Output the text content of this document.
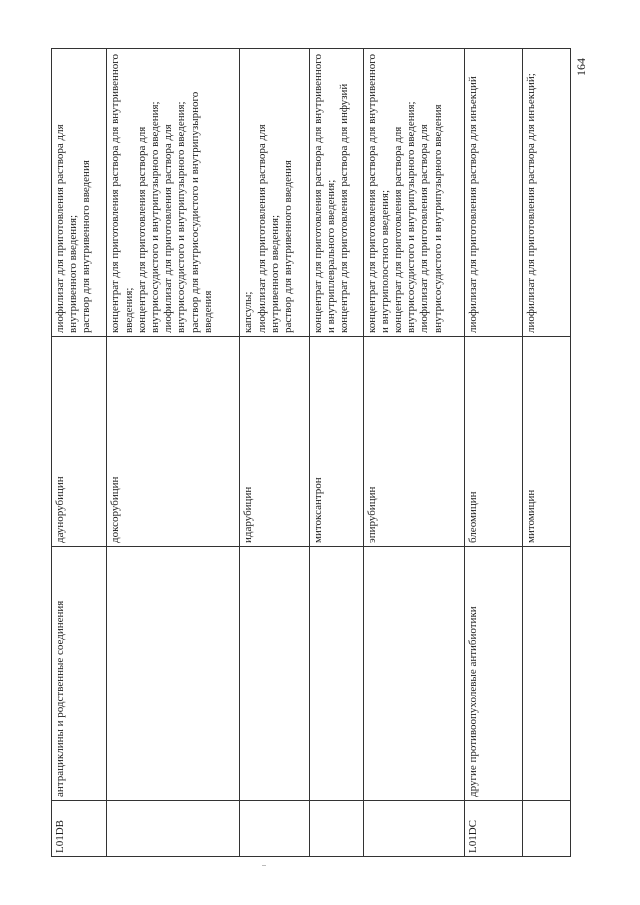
164
L01DB	антрациклины и родственные соединения	даунорубицин	лиофилизат для приготовления раствора для внутривенного введения; раствор для внутривенного введения

		доксорубицин	концентрат для приготовления раствора для внутривенного введения; концентрат для приготовления раствора для внутрисосудистого и внутрипузырного введения; лиофилизат для приготовления раствора для внутрисосудистого и внутрипузырного введения; раствор для внутрисосудистого и внутрипузырного введения

		идарубицин	капсулы; лиофилизат для приготовления раствора для внутривенного введения; раствор для внутривенного введения

		митоксантрон	концентрат для приготовления раствора для внутривенного и внутриплеврального введения; концентрат для приготовления раствора для инфузий

		эпирубицин	концентрат для приготовления раствора для внутривенного и внутриполостного введения; концентрат для приготовления раствора для внутрисосудистого и внутрипузырного введения; лиофилизат для приготовления раствора для внутрисосудистого и внутрипузырного введения

L01DC	другие противоопухолевые антибиотики	блеомицин	лиофилизат для приготовления раствора для инъекций

		митомицин	лиофилизат для приготовления раствора для инъекций;
